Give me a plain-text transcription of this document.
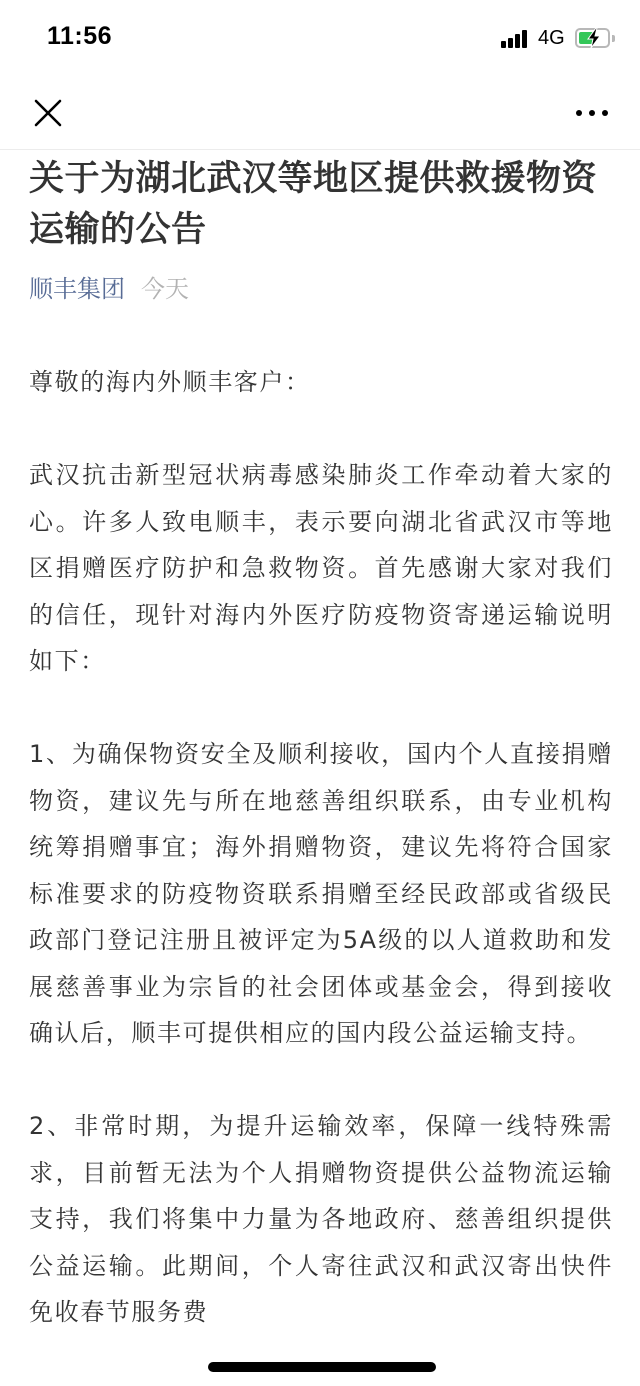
11:56	4G
关于为湖北武汉等地区提供救援物资运输的公告
顺丰集团 今天

尊敬的海内外顺丰客户：

武汉抗击新型冠状病毒感染肺炎工作牵动着大家的心。许多人致电顺丰，表示要向湖北省武汉市等地区捐赠医疗防护和急救物资。首先感谢大家对我们的信任，现针对海内外医疗防疫物资寄递运输说明如下：

1、为确保物资安全及顺利接收，国内个人直接捐赠物资，建议先与所在地慈善组织联系，由专业机构统筹捐赠事宜；海外捐赠物资，建议先将符合国家标准要求的防疫物资联系捐赠至经民政部或省级民政部门登记注册且被评定为5A级的以人道救助和发展慈善事业为宗旨的社会团体或基金会，得到接收确认后，顺丰可提供相应的国内段公益运输支持。

2、非常时期，为提升运输效率，保障一线特殊需求，目前暂无法为个人捐赠物资提供公益物流运输支持，我们将集中力量为各地政府、慈善组织提供公益运输。此期间，个人寄往武汉和武汉寄出快件免收春节服务费
